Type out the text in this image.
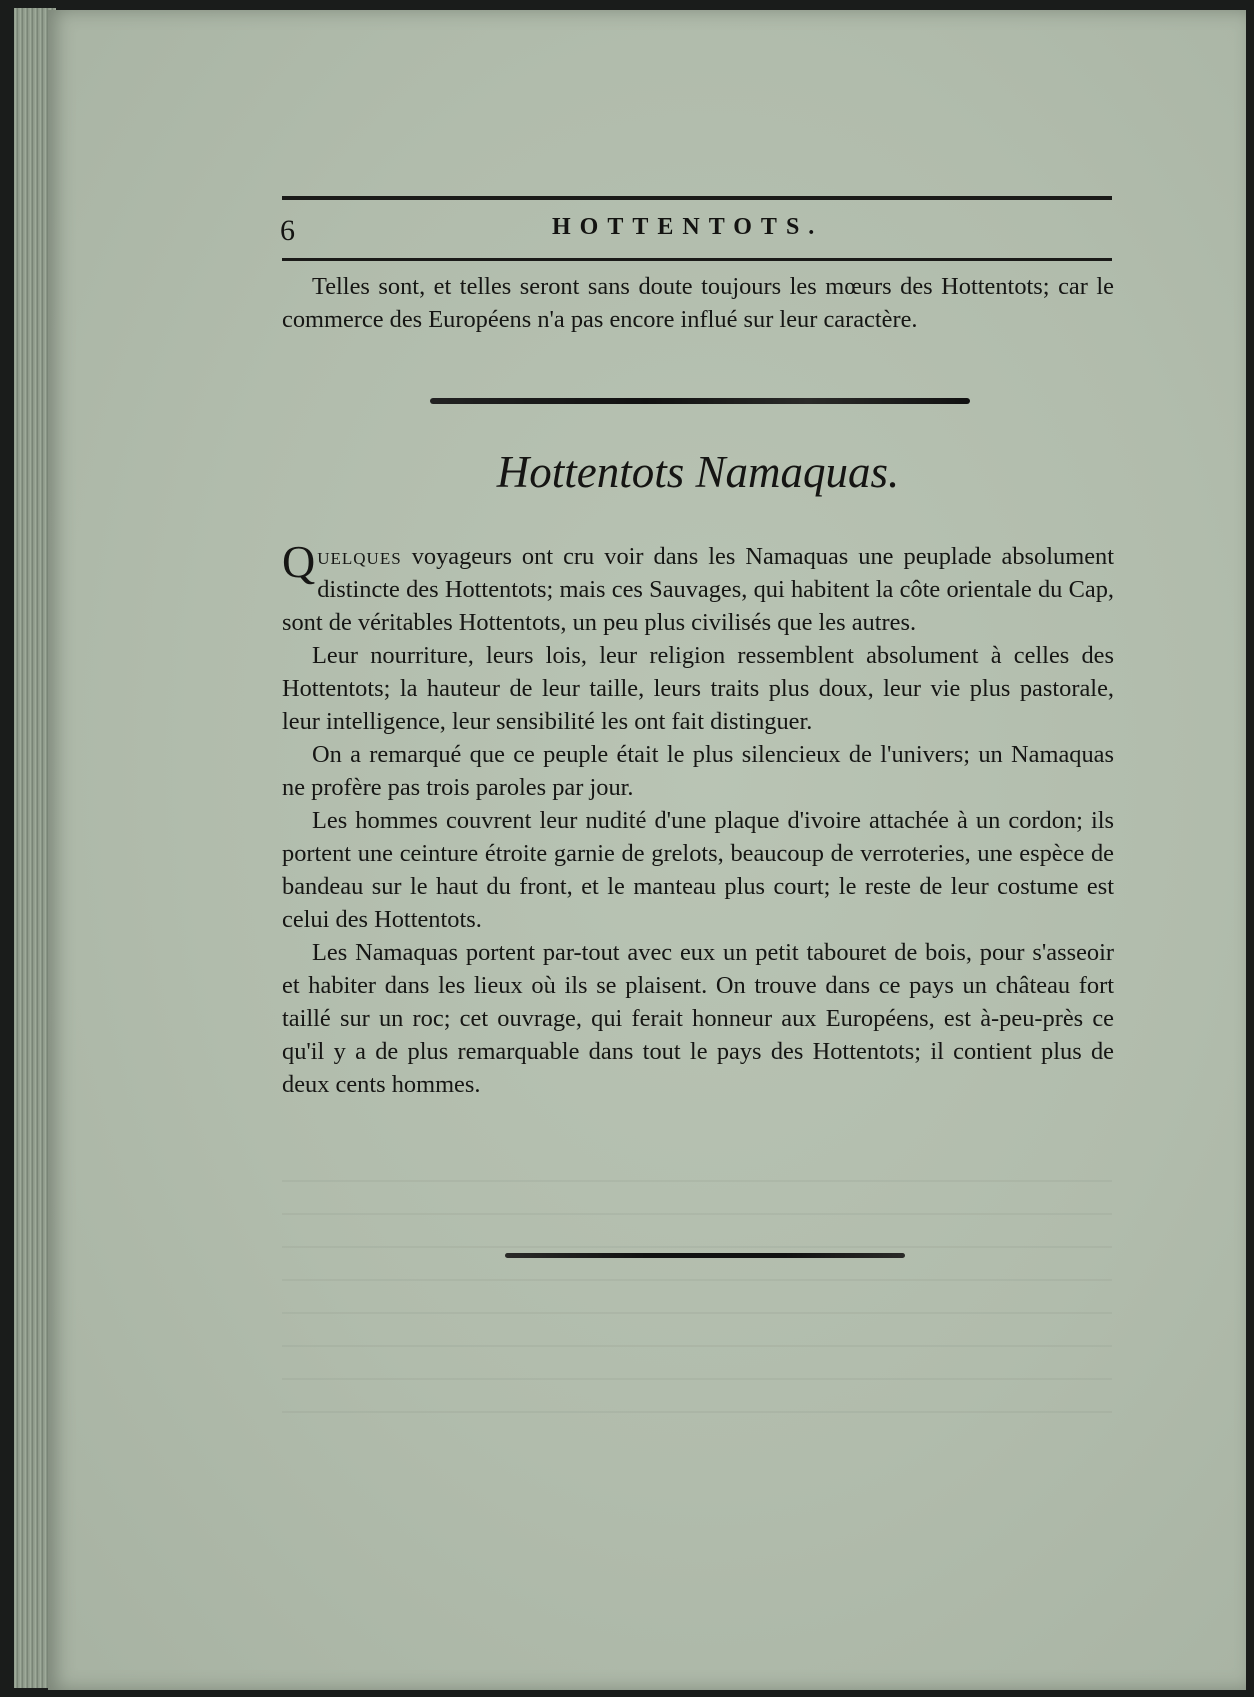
6	HOTTENTOTS.

Telles sont, et telles seront sans doute toujours les mœurs des Hottentots; car le commerce des Européens n'a pas encore influé sur leur caractère.

Hottentots Namaquas.

Quelques voyageurs ont cru voir dans les Namaquas une peuplade absolument distincte des Hottentots; mais ces Sauvages, qui habitent la côte orientale du Cap, sont de véritables Hottentots, un peu plus civilisés que les autres.

Leur nourriture, leurs lois, leur religion ressemblent absolument à celles des Hottentots; la hauteur de leur taille, leurs traits plus doux, leur vie plus pastorale, leur intelligence, leur sensibilité les ont fait distinguer.

On a remarqué que ce peuple était le plus silencieux de l'univers; un Namaquas ne profère pas trois paroles par jour.

Les hommes couvrent leur nudité d'une plaque d'ivoire attachée à un cordon; ils portent une ceinture étroite garnie de grelots, beaucoup de verroteries, une espèce de bandeau sur le haut du front, et le manteau plus court; le reste de leur costume est celui des Hottentots.

Les Namaquas portent par-tout avec eux un petit tabouret de bois, pour s'asseoir et habiter dans les lieux où ils se plaisent. On trouve dans ce pays un château fort taillé sur un roc; cet ouvrage, qui ferait honneur aux Européens, est à-peu-près ce qu'il y a de plus remarquable dans tout le pays des Hottentots; il contient plus de deux cents hommes.
